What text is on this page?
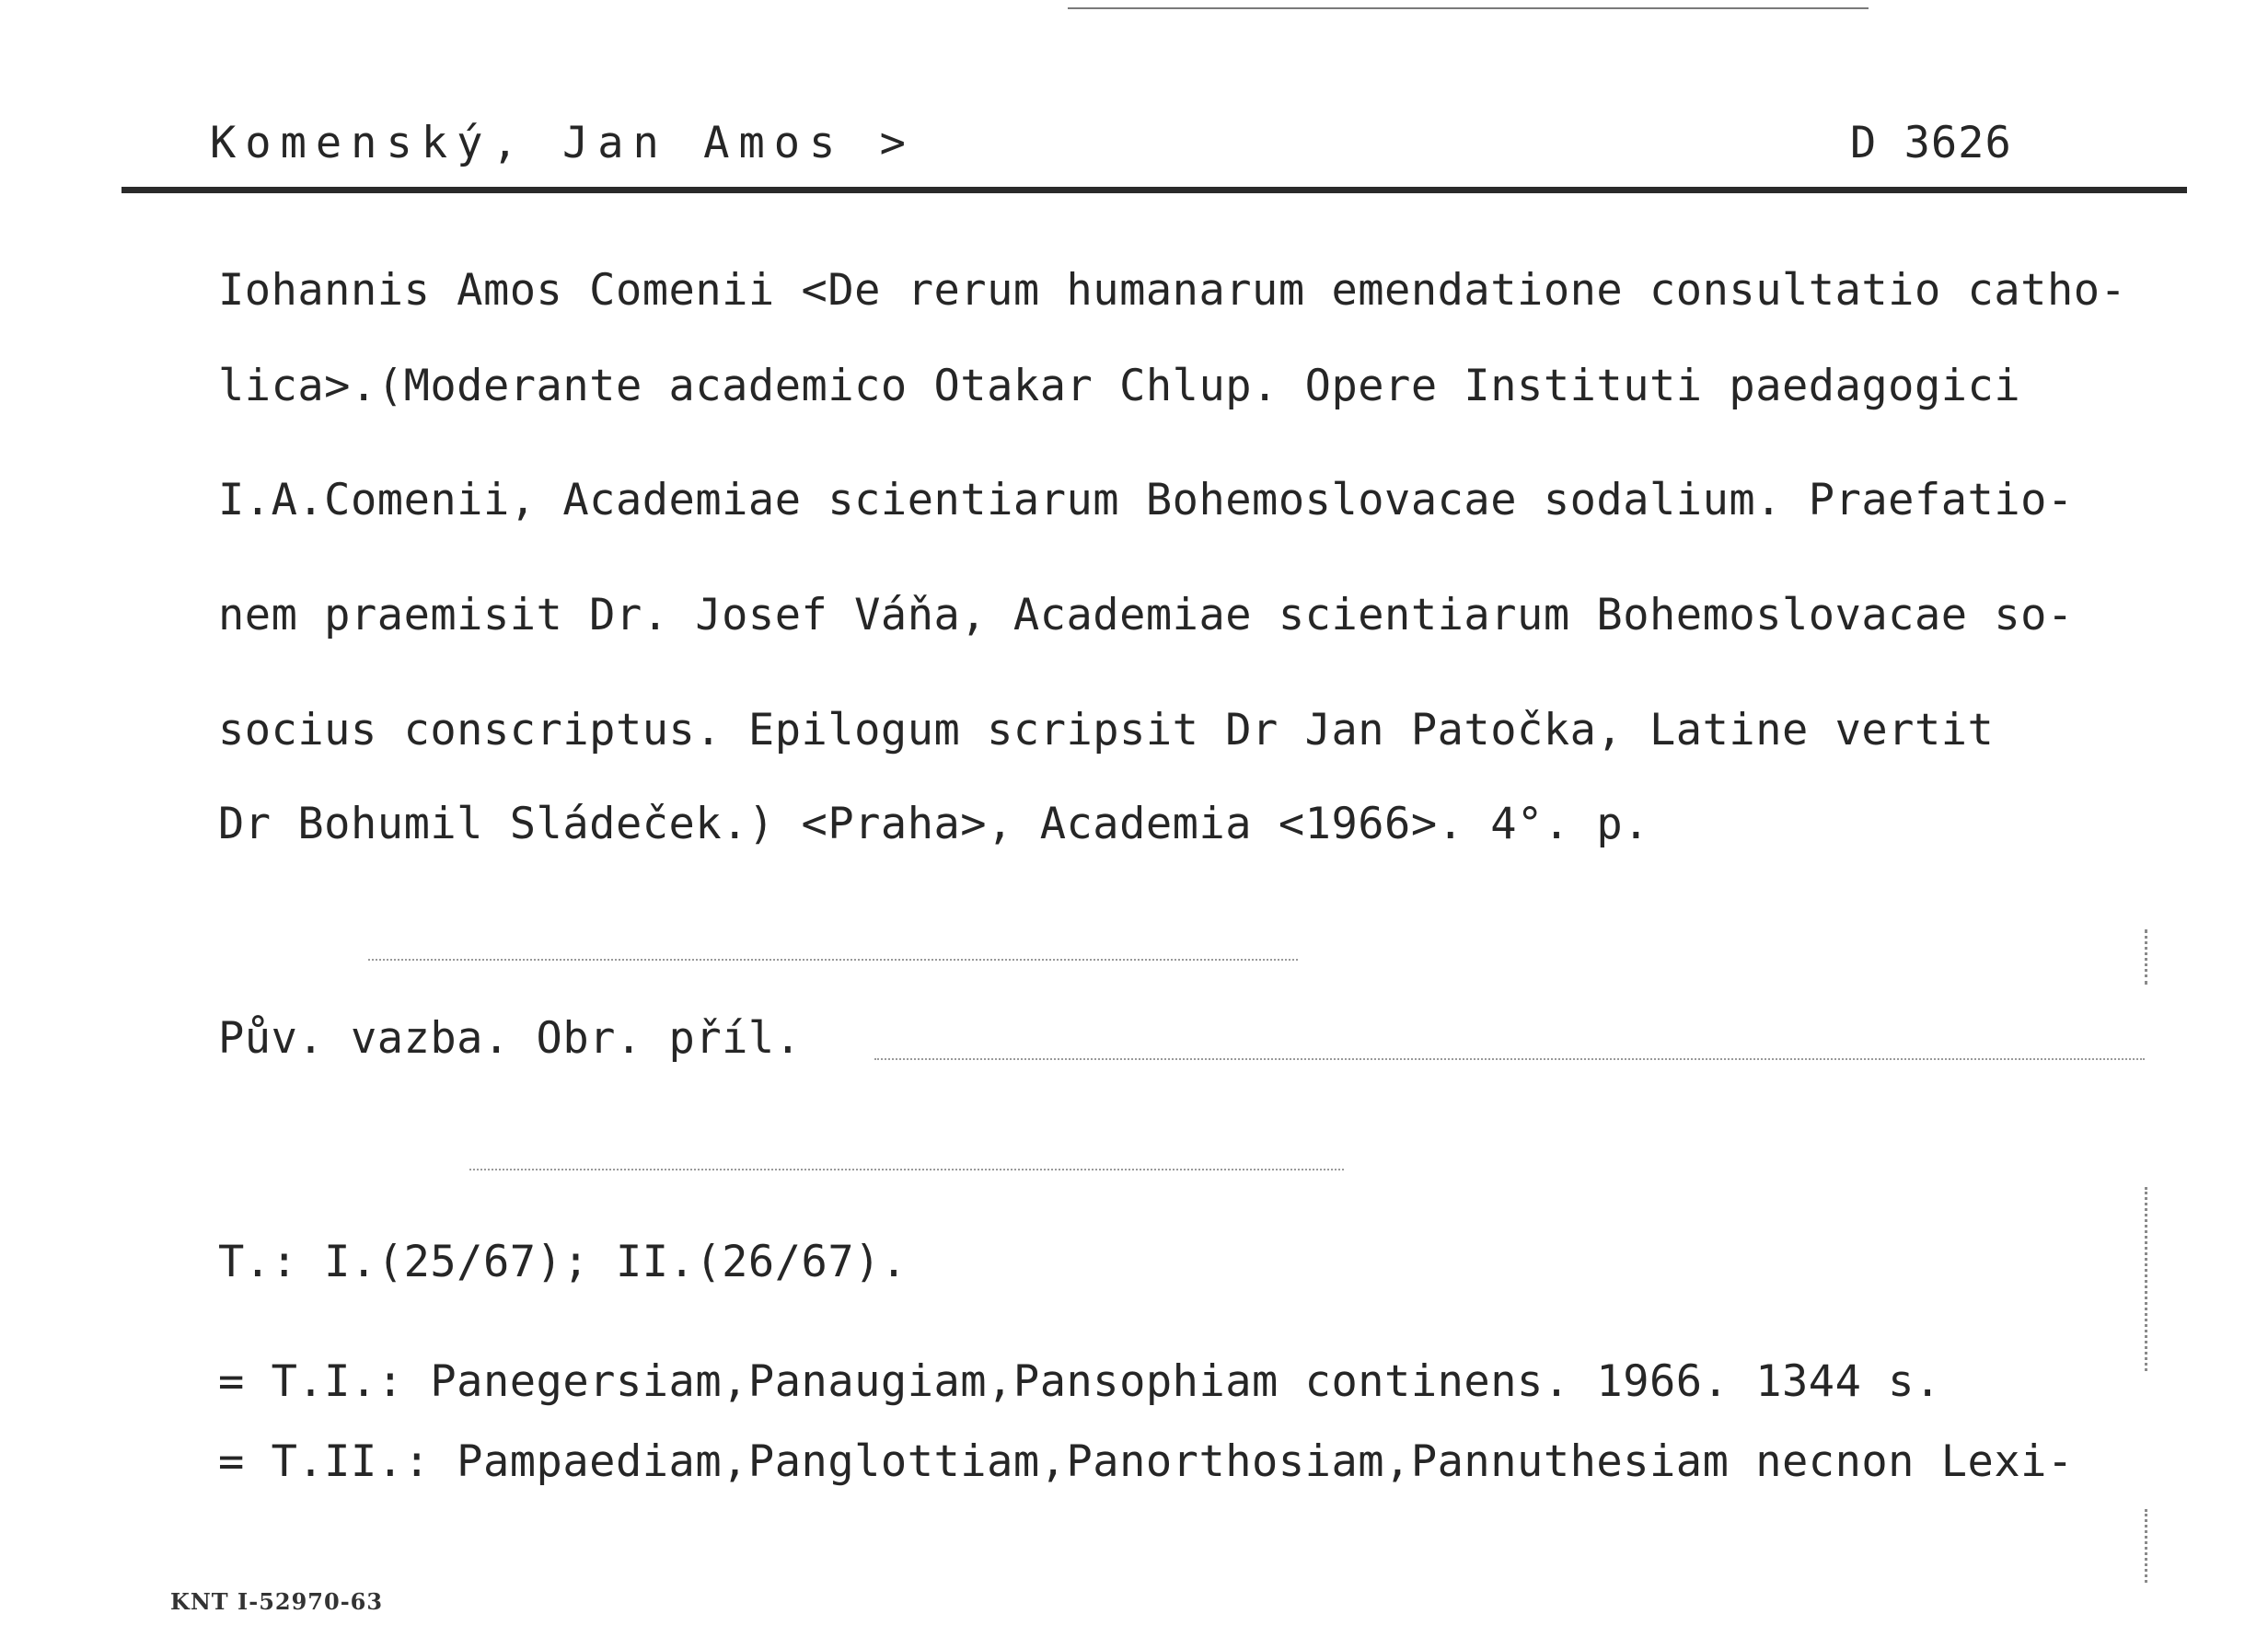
Komenský, Jan Amos >	D 3626
Iohannis Amos Comenii <De rerum humanarum emendatione consultatio catho-
lica>.(Moderante academico Otakar Chlup. Opere Instituti paedagogici
I.A.Comenii, Academiae scientiarum Bohemoslovacae sodalium. Praefatio-
nem praemisit Dr. Josef Váňa, Academiae scientiarum Bohemoslovacae so-
socius conscriptus. Epilogum scripsit Dr Jan Patočka, Latine vertit
Dr Bohumil Sládeček.) <Praha>, Academia <1966>. 4°. p.
Pův. vazba. Obr. příl.
T.: I.(25/67); II.(26/67).
= T.I.: Panegersiam,Panaugiam,Pansophiam continens. 1966. 1344 s.
= T.II.: Pampaediam,Panglottiam,Panorthosiam,Pannuthesiam necnon Lexi-
KNT I-52970-63
